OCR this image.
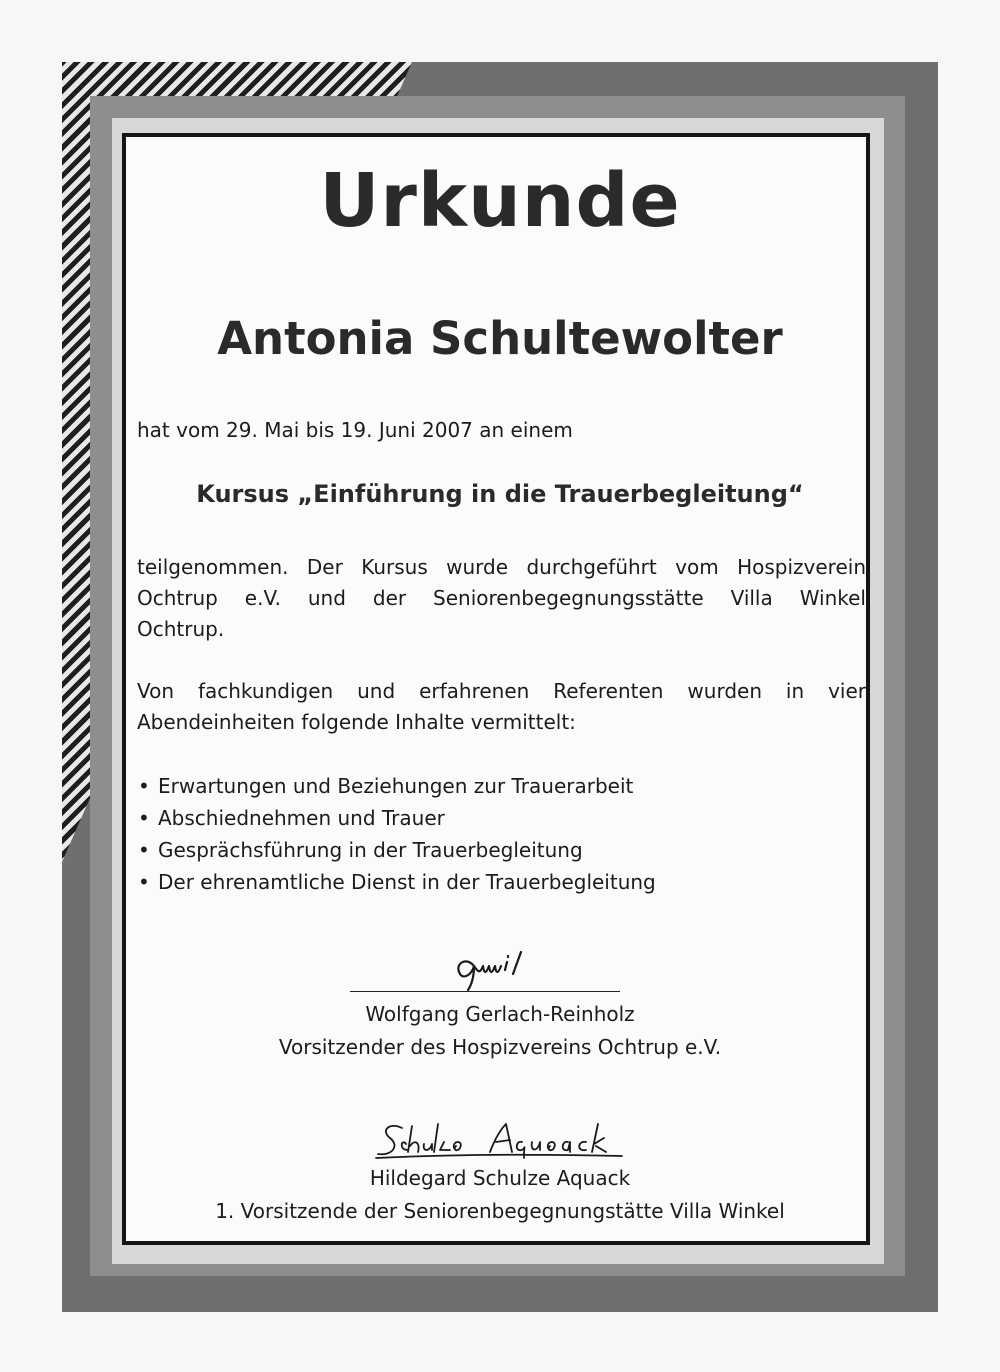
Urkunde
Antonia Schultewolter
hat vom 29. Mai bis 19. Juni 2007 an einem
Kursus „Einführung in die Trauerbegleitung“
teilgenommen. Der Kursus wurde durchgeführt vom Hospizverein
Ochtrup e.V. und der Seniorenbegegnungsstätte Villa Winkel
Ochtrup.
Von fachkundigen und erfahrenen Referenten wurden in vier
Abendeinheiten folgende Inhalte vermittelt:
• Erwartungen und Beziehungen zur Trauerarbeit
• Abschiednehmen und Trauer
• Gesprächsführung in der Trauerbegleitung
• Der ehrenamtliche Dienst in der Trauerbegleitung
Wolfgang Gerlach-Reinholz
Vorsitzender des Hospizvereins Ochtrup e.V.
Hildegard Schulze Aquack
1. Vorsitzende der Seniorenbegegnungstätte Villa Winkel
